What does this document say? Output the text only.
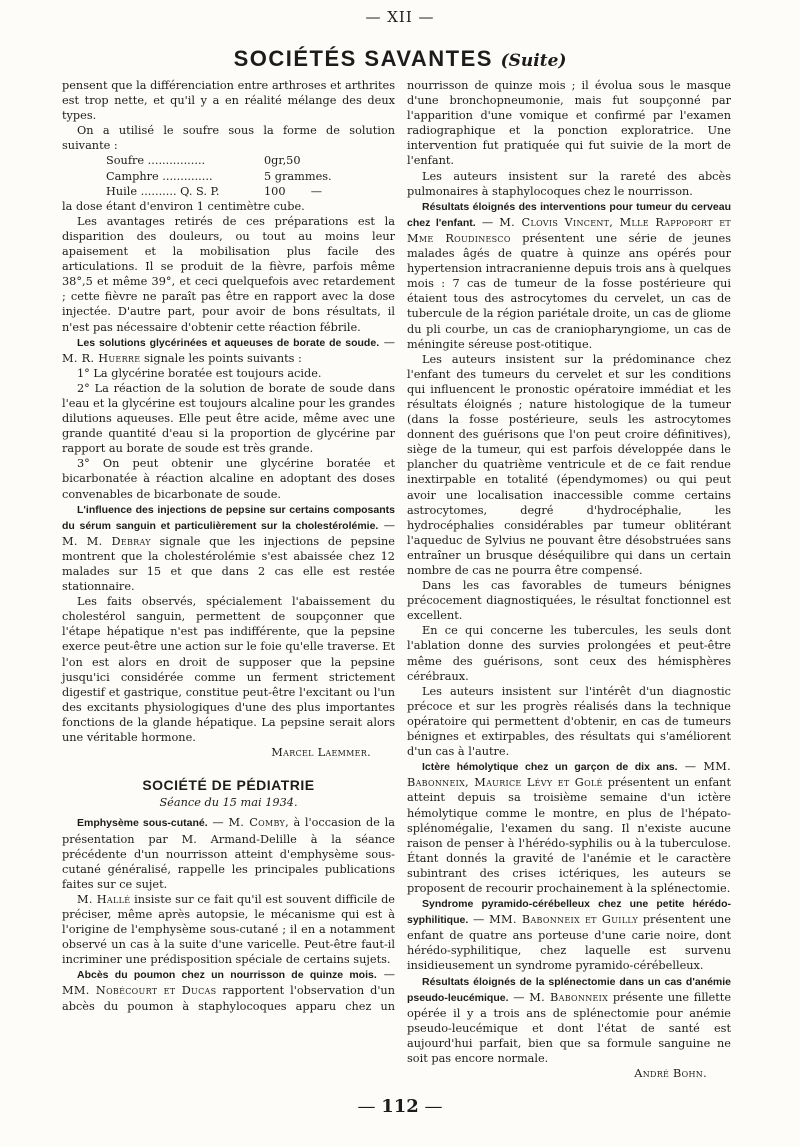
— XII —
SOCIÉTÉS SAVANTES (Suite)

pensent que la différenciation entre arthroses et arthrites est trop nette, et qu'il y a en réalité mélange des deux types.

On a utilisé le soufre sous la forme de solution suivante :

Soufre ................	0gr,50
Camphre ..............	5 grammes.
Huile .......... Q. S. P.	100 —

la dose étant d'environ 1 centimètre cube.

Les avantages retirés de ces préparations est la disparition des douleurs, ou tout au moins leur apaisement et la mobilisation plus facile des articulations. Il se produit de la fièvre, parfois même 38°,5 et même 39°, et ceci quelquefois avec retardement ; cette fièvre ne paraît pas être en rapport avec la dose injectée. D'autre part, pour avoir de bons résultats, il n'est pas nécessaire d'obtenir cette réaction fébrile.

Les solutions glycérinées et aqueuses de borate de soude. — M. R. Huerre signale les points suivants :

1° La glycérine boratée est toujours acide.

2° La réaction de la solution de borate de soude dans l'eau et la glycérine est toujours alcaline pour les grandes dilutions aqueuses. Elle peut être acide, même avec une grande quantité d'eau si la proportion de glycérine par rapport au borate de soude est très grande.

3° On peut obtenir une glycérine boratée et bicarbonatée à réaction alcaline en adoptant des doses convenables de bicarbonate de soude.

L'influence des injections de pepsine sur certains composants du sérum sanguin et particulièrement sur la cholestérolémie. — M. M. Debray signale que les injections de pepsine montrent que la cholestérolémie s'est abaissée chez 12 malades sur 15 et que dans 2 cas elle est restée stationnaire.

Les faits observés, spécialement l'abaissement du cholestérol sanguin, permettent de soupçonner que l'étape hépatique n'est pas indifférente, que la pepsine exerce peut-être une action sur le foie qu'elle traverse. Et l'on est alors en droit de supposer que la pepsine jusqu'ici considérée comme un ferment strictement digestif et gastrique, constitue peut-être l'excitant ou l'un des excitants physiologiques d'une des plus importantes fonctions de la glande hépatique. La pepsine serait alors une véritable hormone.

Marcel Laemmer.

SOCIÉTÉ DE PÉDIATRIE
Séance du 15 mai 1934.

Emphysème sous-cutané. — M. Comby, à l'occasion de la présentation par M. Armand-Delille à la séance précédente d'un nourrisson atteint d'emphysème sous-cutané généralisé, rappelle les principales publications faites sur ce sujet.

M. Hallé insiste sur ce fait qu'il est souvent difficile de préciser, même après autopsie, le mécanisme qui est à l'origine de l'emphysème sous-cutané ; il en a notamment observé un cas à la suite d'une varicelle. Peut-être faut-il incriminer une prédisposition spéciale de certains sujets.

Abcès du poumon chez un nourrisson de quinze mois. — MM. Nobécourt et Ducas rapportent l'observation d'un abcès du poumon à staphylocoques apparu chez un

nourrisson de quinze mois ; il évolua sous le masque d'une bronchopneumonie, mais fut soupçonné par l'apparition d'une vomique et confirmé par l'examen radiographique et la ponction exploratrice. Une intervention fut pratiquée qui fut suivie de la mort de l'enfant.

Les auteurs insistent sur la rareté des abcès pulmonaires à staphylocoques chez le nourrisson.

Résultats éloignés des interventions pour tumeur du cerveau chez l'enfant. — M. Clovis Vincent, Mlle Rappoport et Mme Roudinesco présentent une série de jeunes malades âgés de quatre à quinze ans opérés pour hypertension intracranienne depuis trois ans à quelques mois : 7 cas de tumeur de la fosse postérieure qui étaient tous des astrocytomes du cervelet, un cas de tubercule de la région pariétale droite, un cas de gliome du pli courbe, un cas de craniopharyngiome, un cas de méningite séreuse post-otitique.

Les auteurs insistent sur la prédominance chez l'enfant des tumeurs du cervelet et sur les conditions qui influencent le pronostic opératoire immédiat et les résultats éloignés ; nature histologique de la tumeur (dans la fosse postérieure, seuls les astrocytomes donnent des guérisons que l'on peut croire définitives), siège de la tumeur, qui est parfois développée dans le plancher du quatrième ventricule et de ce fait rendue inextirpable en totalité (épendymomes) ou qui peut avoir une localisation inaccessible comme certains astrocytomes, degré d'hydrocéphalie, les hydrocéphalies considérables par tumeur oblitérant l'aqueduc de Sylvius ne pouvant être désobstruées sans entraîner un brusque déséquilibre qui dans un certain nombre de cas ne pourra être compensé.

Dans les cas favorables de tumeurs bénignes précocement diagnostiquées, le résultat fonctionnel est excellent.

En ce qui concerne les tubercules, les seuls dont l'ablation donne des survies prolongées et peut-être même des guérisons, sont ceux des hémisphères cérébraux.

Les auteurs insistent sur l'intérêt d'un diagnostic précoce et sur les progrès réalisés dans la technique opératoire qui permettent d'obtenir, en cas de tumeurs bénignes et extirpables, des résultats qui s'améliorent d'un cas à l'autre.

Ictère hémolytique chez un garçon de dix ans. — MM. Babonneix, Maurice Lévy et Golé présentent un enfant atteint depuis sa troisième semaine d'un ictère hémolytique comme le montre, en plus de l'hépato-splénomégalie, l'examen du sang. Il n'existe aucune raison de penser à l'hérédo-syphilis ou à la tuberculose. Étant donnés la gravité de l'anémie et le caractère subintrant des crises ictériques, les auteurs se proposent de recourir prochainement à la splénectomie.

Syndrome pyramido-cérébelleux chez une petite hérédo-syphilitique. — MM. Babonneix et Guilly présentent une enfant de quatre ans porteuse d'une carie noire, dont hérédo-syphilitique, chez laquelle est survenu insidieusement un syndrome pyramido-cérébelleux.

Résultats éloignés de la splénectomie dans un cas d'anémie pseudo-leucémique. — M. Babonneix présente une fillette opérée il y a trois ans de splénectomie pour anémie pseudo-leucémique et dont l'état de santé est aujourd'hui parfait, bien que sa formule sanguine ne soit pas encore normale.

André Bohn.

— 112 —
